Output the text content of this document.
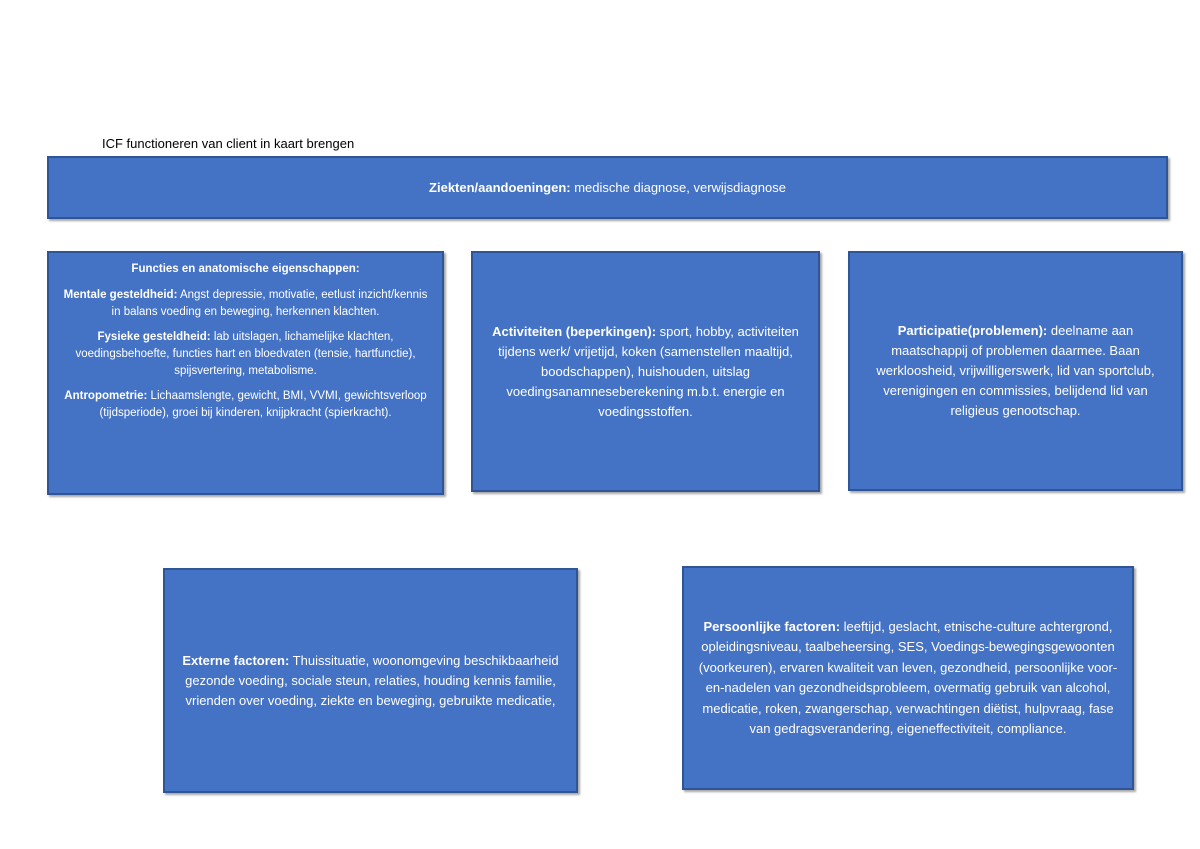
ICF functioneren van client in kaart brengen

Ziekten/aandoeningen: medische diagnose, verwijsdiagnose

Functies en anatomische eigenschappen:

Mentale gesteldheid: Angst depressie, motivatie, eetlust inzicht/kennis in balans voeding en beweging, herkennen klachten.

Fysieke gesteldheid: lab uitslagen, lichamelijke klachten, voedingsbehoefte, functies hart en bloedvaten (tensie, hartfunctie), spijsvertering, metabolisme.

Antropometrie: Lichaamslengte, gewicht, BMI, VVMI, gewichtsverloop (tijdsperiode), groei bij kinderen, knijpkracht (spierkracht).

Activiteiten (beperkingen): sport, hobby, activiteiten tijdens werk/ vrijetijd, koken (samenstellen maaltijd, boodschappen), huishouden, uitslag voedingsanamneseberekening m.b.t. energie en voedingsstoffen.

Participatie(problemen): deelname aan maatschappij of problemen daarmee. Baan werkloosheid, vrijwilligerswerk, lid van sportclub, verenigingen en commissies, belijdend lid van religieus genootschap.

Externe factoren: Thuissituatie, woonomgeving beschikbaarheid gezonde voeding, sociale steun, relaties, houding kennis familie, vrienden over voeding, ziekte en beweging, gebruikte medicatie,

Persoonlijke factoren: leeftijd, geslacht, etnische-culture achtergrond, opleidingsniveau, taalbeheersing, SES, Voedings-bewegingsgewoonten (voorkeuren), ervaren kwaliteit van leven, gezondheid, persoonlijke voor-en-nadelen van gezondheidsprobleem, overmatig gebruik van alcohol, medicatie, roken, zwangerschap, verwachtingen diëtist, hulpvraag, fase van gedragsverandering, eigeneffectiviteit, compliance.
